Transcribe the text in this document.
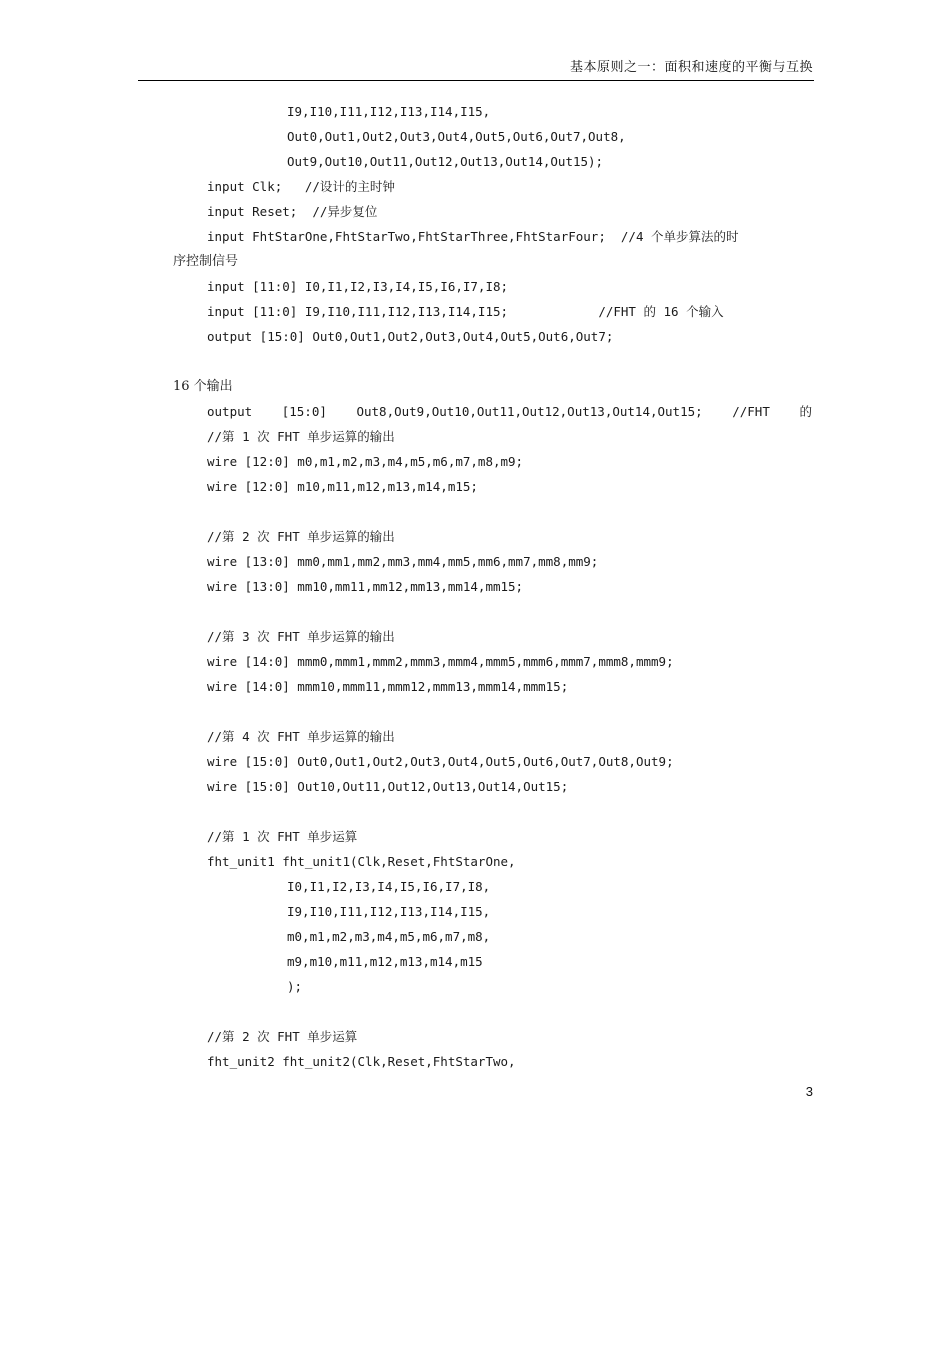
基本原则之一：面积和速度的平衡与互换
I9,I10,I11,I12,I13,I14,I15,
Out0,Out1,Out2,Out3,Out4,Out5,Out6,Out7,Out8,
Out9,Out10,Out11,Out12,Out13,Out14,Out15);
input Clk;   //设计的主时钟
input Reset;  //异步复位
input FhtStarOne,FhtStarTwo,FhtStarThree,FhtStarFour;  //4 个单步算法的时
序控制信号
input [11:0] I0,I1,I2,I3,I4,I5,I6,I7,I8;
input [11:0] I9,I10,I11,I12,I13,I14,I15;            //FHT 的 16 个输入
output [15:0] Out0,Out1,Out2,Out3,Out4,Out5,Out6,Out7;

output [15:0] Out8,Out9,Out10,Out11,Out12,Out13,Out14,Out15; //FHT 的

16 个输出
//第 1 次 FHT 单步运算的输出
wire [12:0] m0,m1,m2,m3,m4,m5,m6,m7,m8,m9;
wire [12:0] m10,m11,m12,m13,m14,m15;
//第 2 次 FHT 单步运算的输出
wire [13:0] mm0,mm1,mm2,mm3,mm4,mm5,mm6,mm7,mm8,mm9;
wire [13:0] mm10,mm11,mm12,mm13,mm14,mm15;
//第 3 次 FHT 单步运算的输出
wire [14:0] mmm0,mmm1,mmm2,mmm3,mmm4,mmm5,mmm6,mmm7,mmm8,mmm9;
wire [14:0] mmm10,mmm11,mmm12,mmm13,mmm14,mmm15;
//第 4 次 FHT 单步运算的输出
wire [15:0] Out0,Out1,Out2,Out3,Out4,Out5,Out6,Out7,Out8,Out9;
wire [15:0] Out10,Out11,Out12,Out13,Out14,Out15;
//第 1 次 FHT 单步运算
fht_unit1 fht_unit1(Clk,Reset,FhtStarOne,
I0,I1,I2,I3,I4,I5,I6,I7,I8,
I9,I10,I11,I12,I13,I14,I15,
m0,m1,m2,m3,m4,m5,m6,m7,m8,
m9,m10,m11,m12,m13,m14,m15
);
//第 2 次 FHT 单步运算
fht_unit2 fht_unit2(Clk,Reset,FhtStarTwo,
3
